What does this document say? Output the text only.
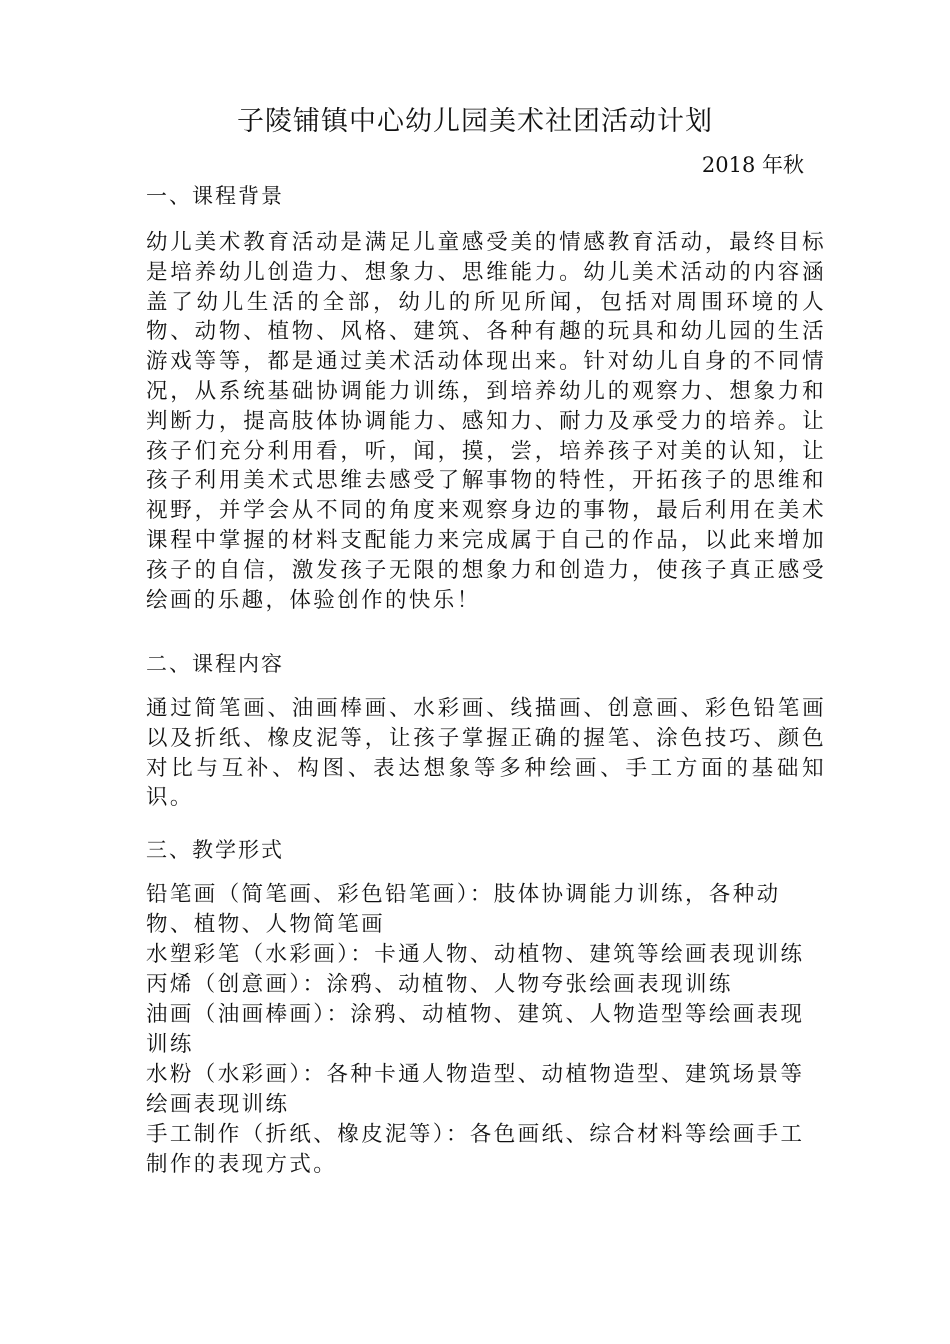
子陵铺镇中心幼儿园美术社团活动计划
2018 年秋
一、课程背景

幼儿美术教育活动是满足儿童感受美的情感教育活动，最终目标是培养幼儿创造力、想象力、思维能力。幼儿美术活动的内容涵盖了幼儿生活的全部，幼儿的所见所闻，包括对周围环境的人物、动物、植物、风格、建筑、各种有趣的玩具和幼儿园的生活游戏等等，都是通过美术活动体现出来。针对幼儿自身的不同情况，从系统基础协调能力训练，到培养幼儿的观察力、想象力和判断力，提高肢体协调能力、感知力、耐力及承受力的培养。让孩子们充分利用看，听，闻，摸，尝，培养孩子对美的认知，让孩子利用美术式思维去感受了解事物的特性，开拓孩子的思维和视野，并学会从不同的角度来观察身边的事物，最后利用在美术课程中掌握的材料支配能力来完成属于自己的作品，以此来增加孩子的自信，激发孩子无限的想象力和创造力，使孩子真正感受绘画的乐趣，体验创作的快乐！

二、课程内容

通过简笔画、油画棒画、水彩画、线描画、创意画、彩色铅笔画以及折纸、橡皮泥等，让孩子掌握正确的握笔、涂色技巧、颜色对比与互补、构图、表达想象等多种绘画、手工方面的基础知识。

三、教学形式
铅笔画（简笔画、彩色铅笔画）：肢体协调能力训练，各种动物、植物、人物简笔画
水塑彩笔（水彩画）：卡通人物、动植物、建筑等绘画表现训练
丙烯（创意画）：涂鸦、动植物、人物夸张绘画表现训练
油画（油画棒画）：涂鸦、动植物、建筑、人物造型等绘画表现训练
水粉（水彩画）：各种卡通人物造型、动植物造型、建筑场景等绘画表现训练
手工制作（折纸、橡皮泥等）：各色画纸、综合材料等绘画手工制作的表现方式。
